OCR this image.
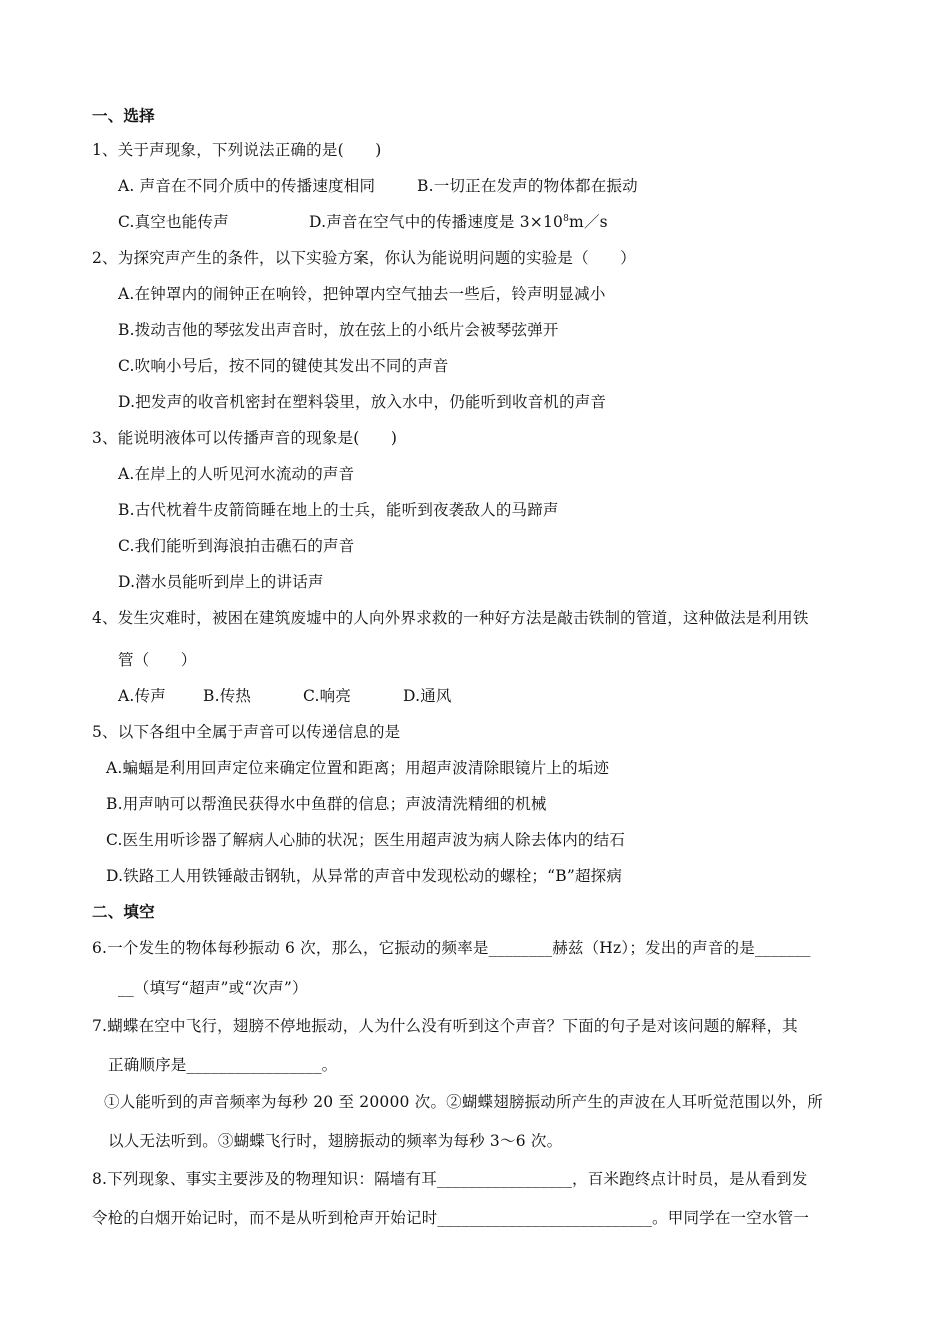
一、选择
1、关于声现象，下列说法正确的是(　　)
A. 声音在不同介质中的传播速度相同	B.一切正在发声的物体都在振动
C.真空也能传声	D.声音在空气中的传播速度是 $3\times 10^8m/s$
2、为探究声产生的条件，以下实验方案，你认为能说明问题的实验是（　　）
A.在钟罩内的闹钟正在响铃，把钟罩内空气抽去一些后，铃声明显减小
B.拨动吉他的琴弦发出声音时，放在弦上的小纸片会被琴弦弹开
C.吹响小号后，按不同的键使其发出不同的声音
D.把发声的收音机密封在塑料袋里，放入水中，仍能听到收音机的声音
3、能说明液体可以传播声音的现象是(　　)
A.在岸上的人听见河水流动的声音
B.古代枕着牛皮箭筒睡在地上的士兵，能听到夜袭敌人的马蹄声
C.我们能听到海浪拍击礁石的声音
D.潜水员能听到岸上的讲话声
4、发生灾难时，被困在建筑废墟中的人向外界求救的一种好方法是敲击铁制的管道，这种做法是利用铁
管（　　）
A.传声 B.传热	C.响亮	D.通风
5、以下各组中全属于声音可以传递信息的是
A.蝙蝠是利用回声定位来确定位置和距离；用超声波清除眼镜片上的垢迹
B.用声呐可以帮渔民获得水中鱼群的信息；声波清洗精细的机械
C.医生用听诊器了解病人心肺的状况；医生用超声波为病人除去体内的结石
D.铁路工人用铁锤敲击钢轨，从异常的声音中发现松动的螺栓；“B”超探病
二、填空
6.一个发生的物体每秒振动 6 次，那么，它振动的频率是________赫兹（Hz）；发出的声音的是_______
__（填写“超声”或“次声”）
7.蝴蝶在空中飞行，翅膀不停地振动，人为什么没有听到这个声音？下面的句子是对该问题的解释，其
正确顺序是_________________。
①人能听到的声音频率为每秒 20 至 20000 次。②蝴蝶翅膀振动所产生的声波在人耳听觉范围以外，所
以人无法听到。③蝴蝶飞行时，翅膀振动的频率为每秒 3～6 次。
8.下列现象、事实主要涉及的物理知识：隔墙有耳_________________，百米跑终点计时员，是从看到发
令枪的白烟开始记时，而不是从听到枪声开始记时___________________________。甲同学在一空水管一
